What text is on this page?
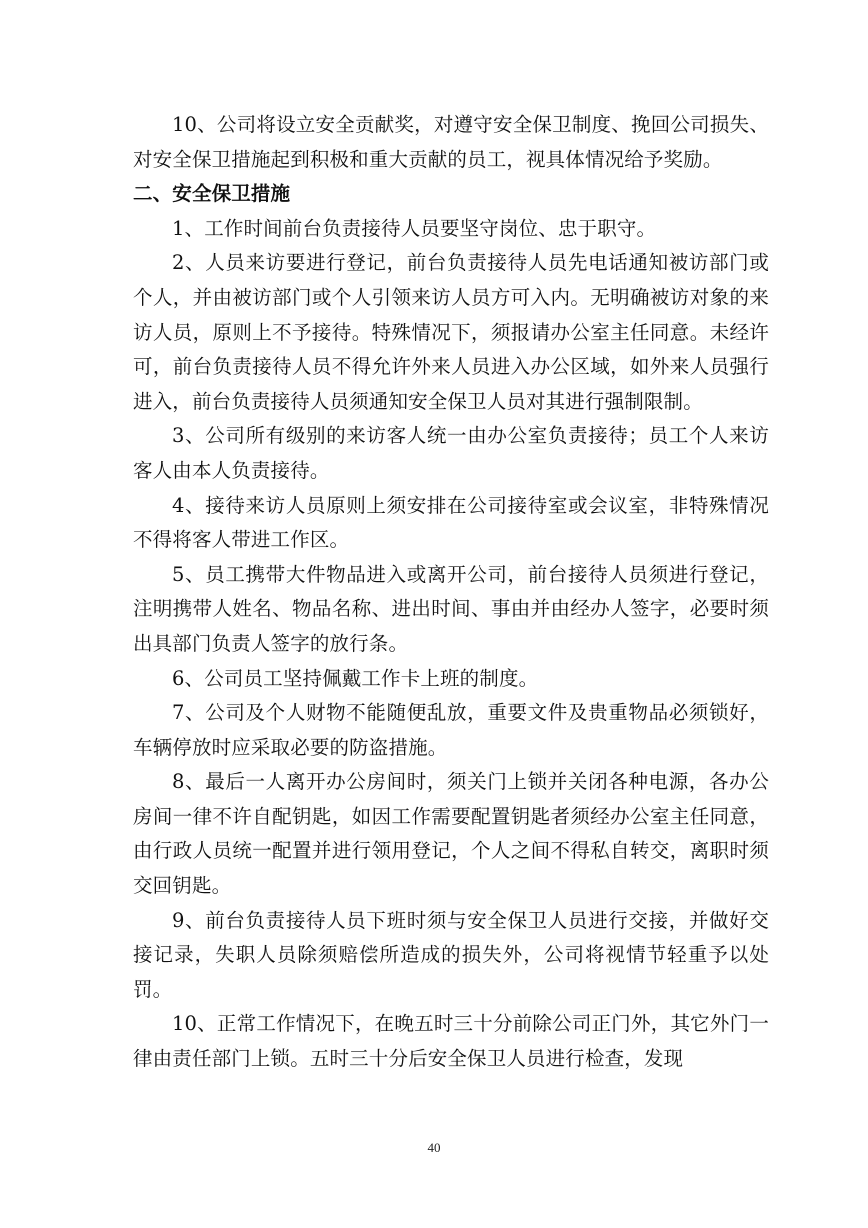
10、公司将设立安全贡献奖，对遵守安全保卫制度、挽回公司损失、对安全保卫措施起到积极和重大贡献的员工，视具体情况给予奖励。

二、安全保卫措施

1、工作时间前台负责接待人员要坚守岗位、忠于职守。

2、人员来访要进行登记，前台负责接待人员先电话通知被访部门或个人，并由被访部门或个人引领来访人员方可入内。无明确被访对象的来访人员，原则上不予接待。特殊情况下，须报请办公室主任同意。未经许可，前台负责接待人员不得允许外来人员进入办公区域，如外来人员强行进入，前台负责接待人员须通知安全保卫人员对其进行强制限制。

3、公司所有级别的来访客人统一由办公室负责接待；员工个人来访客人由本人负责接待。

4、接待来访人员原则上须安排在公司接待室或会议室，非特殊情况不得将客人带进工作区。

5、员工携带大件物品进入或离开公司，前台接待人员须进行登记，注明携带人姓名、物品名称、进出时间、事由并由经办人签字，必要时须出具部门负责人签字的放行条。

6、公司员工坚持佩戴工作卡上班的制度。

7、公司及个人财物不能随便乱放，重要文件及贵重物品必须锁好，车辆停放时应采取必要的防盗措施。

8、最后一人离开办公房间时，须关门上锁并关闭各种电源，各办公房间一律不许自配钥匙，如因工作需要配置钥匙者须经办公室主任同意，由行政人员统一配置并进行领用登记，个人之间不得私自转交，离职时须交回钥匙。

9、前台负责接待人员下班时须与安全保卫人员进行交接，并做好交接记录，失职人员除须赔偿所造成的损失外，公司将视情节轻重予以处罚。

10、正常工作情况下，在晚五时三十分前除公司正门外，其它外门一律由责任部门上锁。五时三十分后安全保卫人员进行检查，发现

40
